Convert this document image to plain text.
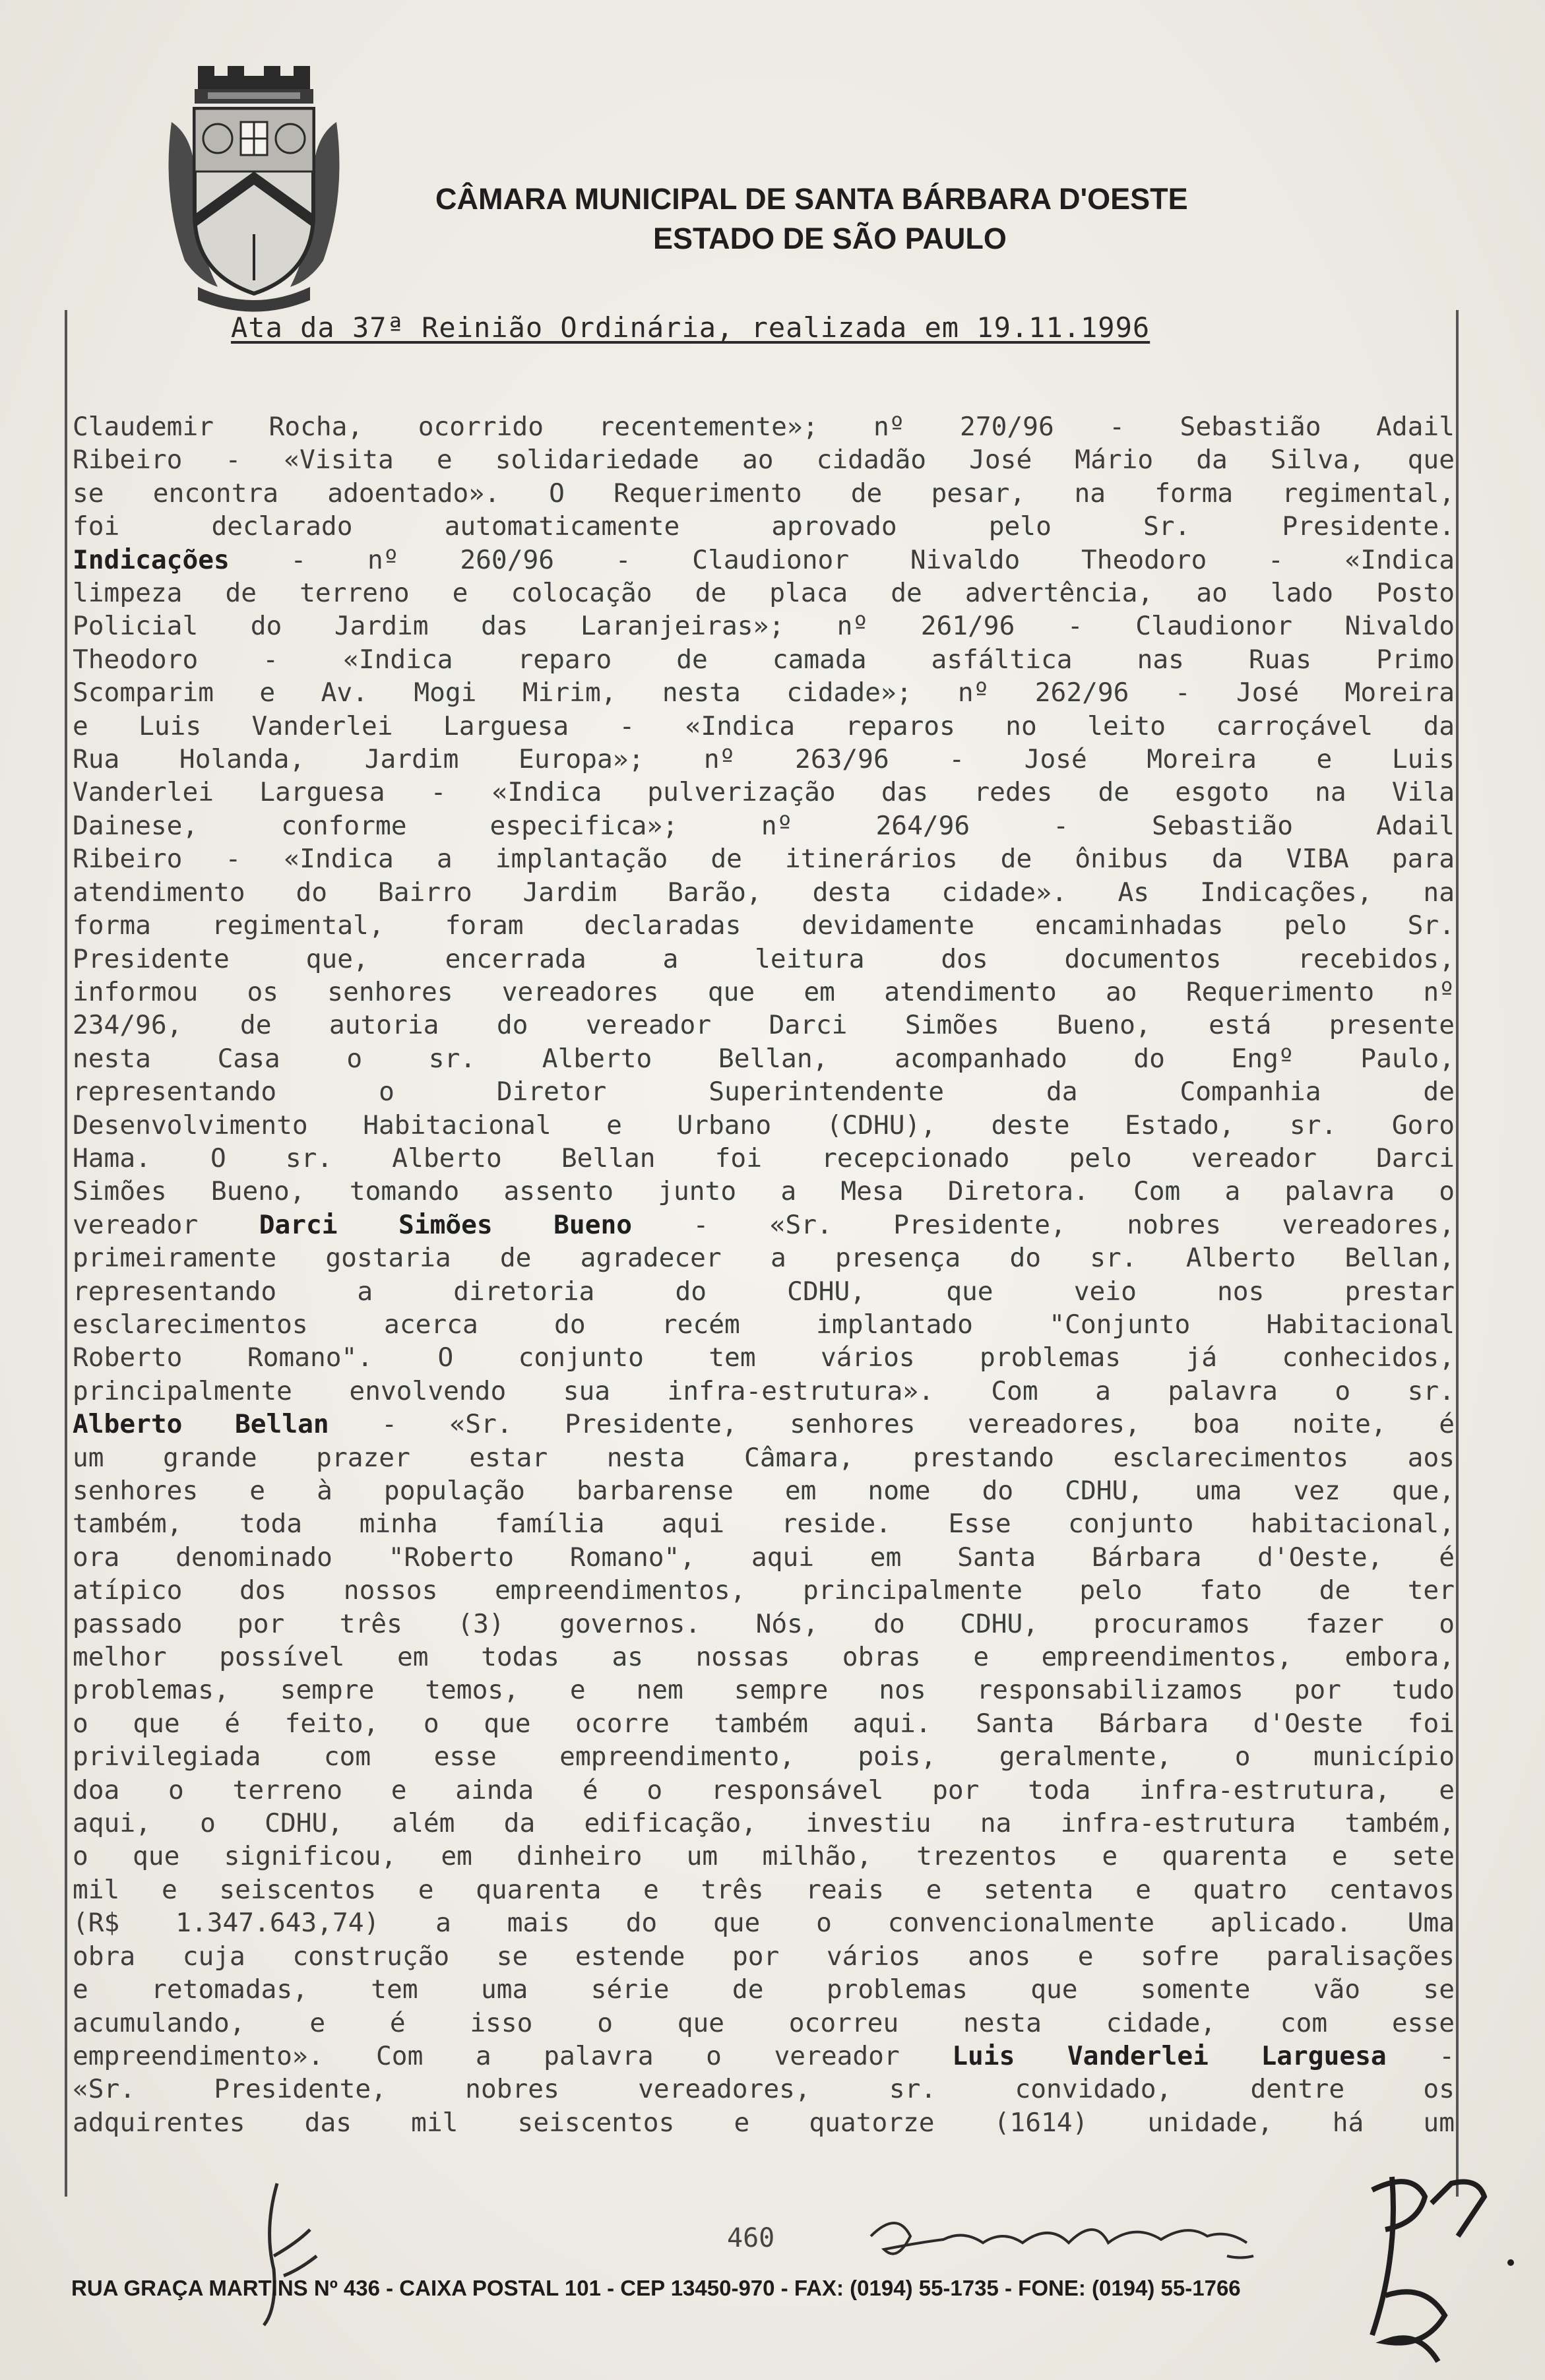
CÂMARA MUNICIPAL DE SANTA BÁRBARA D'OESTE
ESTADO DE SÃO PAULO
Ata da 37ª Reinião Ordinária, realizada em 19.11.1996

Claudemir Rocha, ocorrido recentemente»; nº 270/96 - Sebastião Adail

Ribeiro - «Visita e solidariedade ao cidadão José Mário da Silva, que

se encontra adoentado». O Requerimento de pesar, na forma regimental,

foi declarado automaticamente aprovado pelo Sr. Presidente.

Indicações - nº 260/96 - Claudionor Nivaldo Theodoro - «Indica

limpeza de terreno e colocação de placa de advertência, ao lado Posto

Policial do Jardim das Laranjeiras»; nº 261/96 - Claudionor Nivaldo

Theodoro - «Indica reparo de camada asfáltica nas Ruas Primo

Scomparim e Av. Mogi Mirim, nesta cidade»; nº 262/96 - José Moreira

e Luis Vanderlei Larguesa - «Indica reparos no leito carroçável da

Rua Holanda, Jardim Europa»; nº 263/96 - José Moreira e Luis

Vanderlei Larguesa - «Indica pulverização das redes de esgoto na Vila

Dainese, conforme especifica»; nº 264/96 - Sebastião Adail

Ribeiro - «Indica a implantação de itinerários de ônibus da VIBA para

atendimento do Bairro Jardim Barão, desta cidade». As Indicações, na

forma regimental, foram declaradas devidamente encaminhadas pelo Sr.

Presidente que, encerrada a leitura dos documentos recebidos,

informou os senhores vereadores que em atendimento ao Requerimento nº

234/96, de autoria do vereador Darci Simões Bueno, está presente

nesta Casa o sr. Alberto Bellan, acompanhado do Engº Paulo,

representando o Diretor Superintendente da Companhia de

Desenvolvimento Habitacional e Urbano (CDHU), deste Estado, sr. Goro

Hama. O sr. Alberto Bellan foi recepcionado pelo vereador Darci

Simões Bueno, tomando assento junto a Mesa Diretora. Com a palavra o

vereador Darci Simões Bueno - «Sr. Presidente, nobres vereadores,

primeiramente gostaria de agradecer a presença do sr. Alberto Bellan,

representando a diretoria do CDHU, que veio nos prestar

esclarecimentos acerca do recém implantado "Conjunto Habitacional

Roberto Romano". O conjunto tem vários problemas já conhecidos,

principalmente envolvendo sua infra-estrutura». Com a palavra o sr.

Alberto Bellan - «Sr. Presidente, senhores vereadores, boa noite, é

um grande prazer estar nesta Câmara, prestando esclarecimentos aos

senhores e à população barbarense em nome do CDHU, uma vez que,

também, toda minha família aqui reside. Esse conjunto habitacional,

ora denominado "Roberto Romano", aqui em Santa Bárbara d'Oeste, é

atípico dos nossos empreendimentos, principalmente pelo fato de ter

passado por três (3) governos. Nós, do CDHU, procuramos fazer o

melhor possível em todas as nossas obras e empreendimentos, embora,

problemas, sempre temos, e nem sempre nos responsabilizamos por tudo

o que é feito, o que ocorre também aqui. Santa Bárbara d'Oeste foi

privilegiada com esse empreendimento, pois, geralmente, o município

doa o terreno e ainda é o responsável por toda infra-estrutura, e

aqui, o CDHU, além da edificação, investiu na infra-estrutura também,

o que significou, em dinheiro um milhão, trezentos e quarenta e sete

mil e seiscentos e quarenta e três reais e setenta e quatro centavos

(R$ 1.347.643,74) a mais do que o convencionalmente aplicado. Uma

obra cuja construção se estende por vários anos e sofre paralisações

e retomadas, tem uma série de problemas que somente vão se

acumulando, e é isso o que ocorreu nesta cidade, com esse

empreendimento». Com a palavra o vereador Luis Vanderlei Larguesa -

«Sr. Presidente, nobres vereadores, sr. convidado, dentre os

adquirentes das mil seiscentos e quatorze (1614) unidade, há um

460
RUA GRAÇA MARTINS Nº 436 - CAIXA POSTAL 101 - CEP 13450-970 - FAX: (0194) 55-1735 - FONE: (0194) 55-1766
